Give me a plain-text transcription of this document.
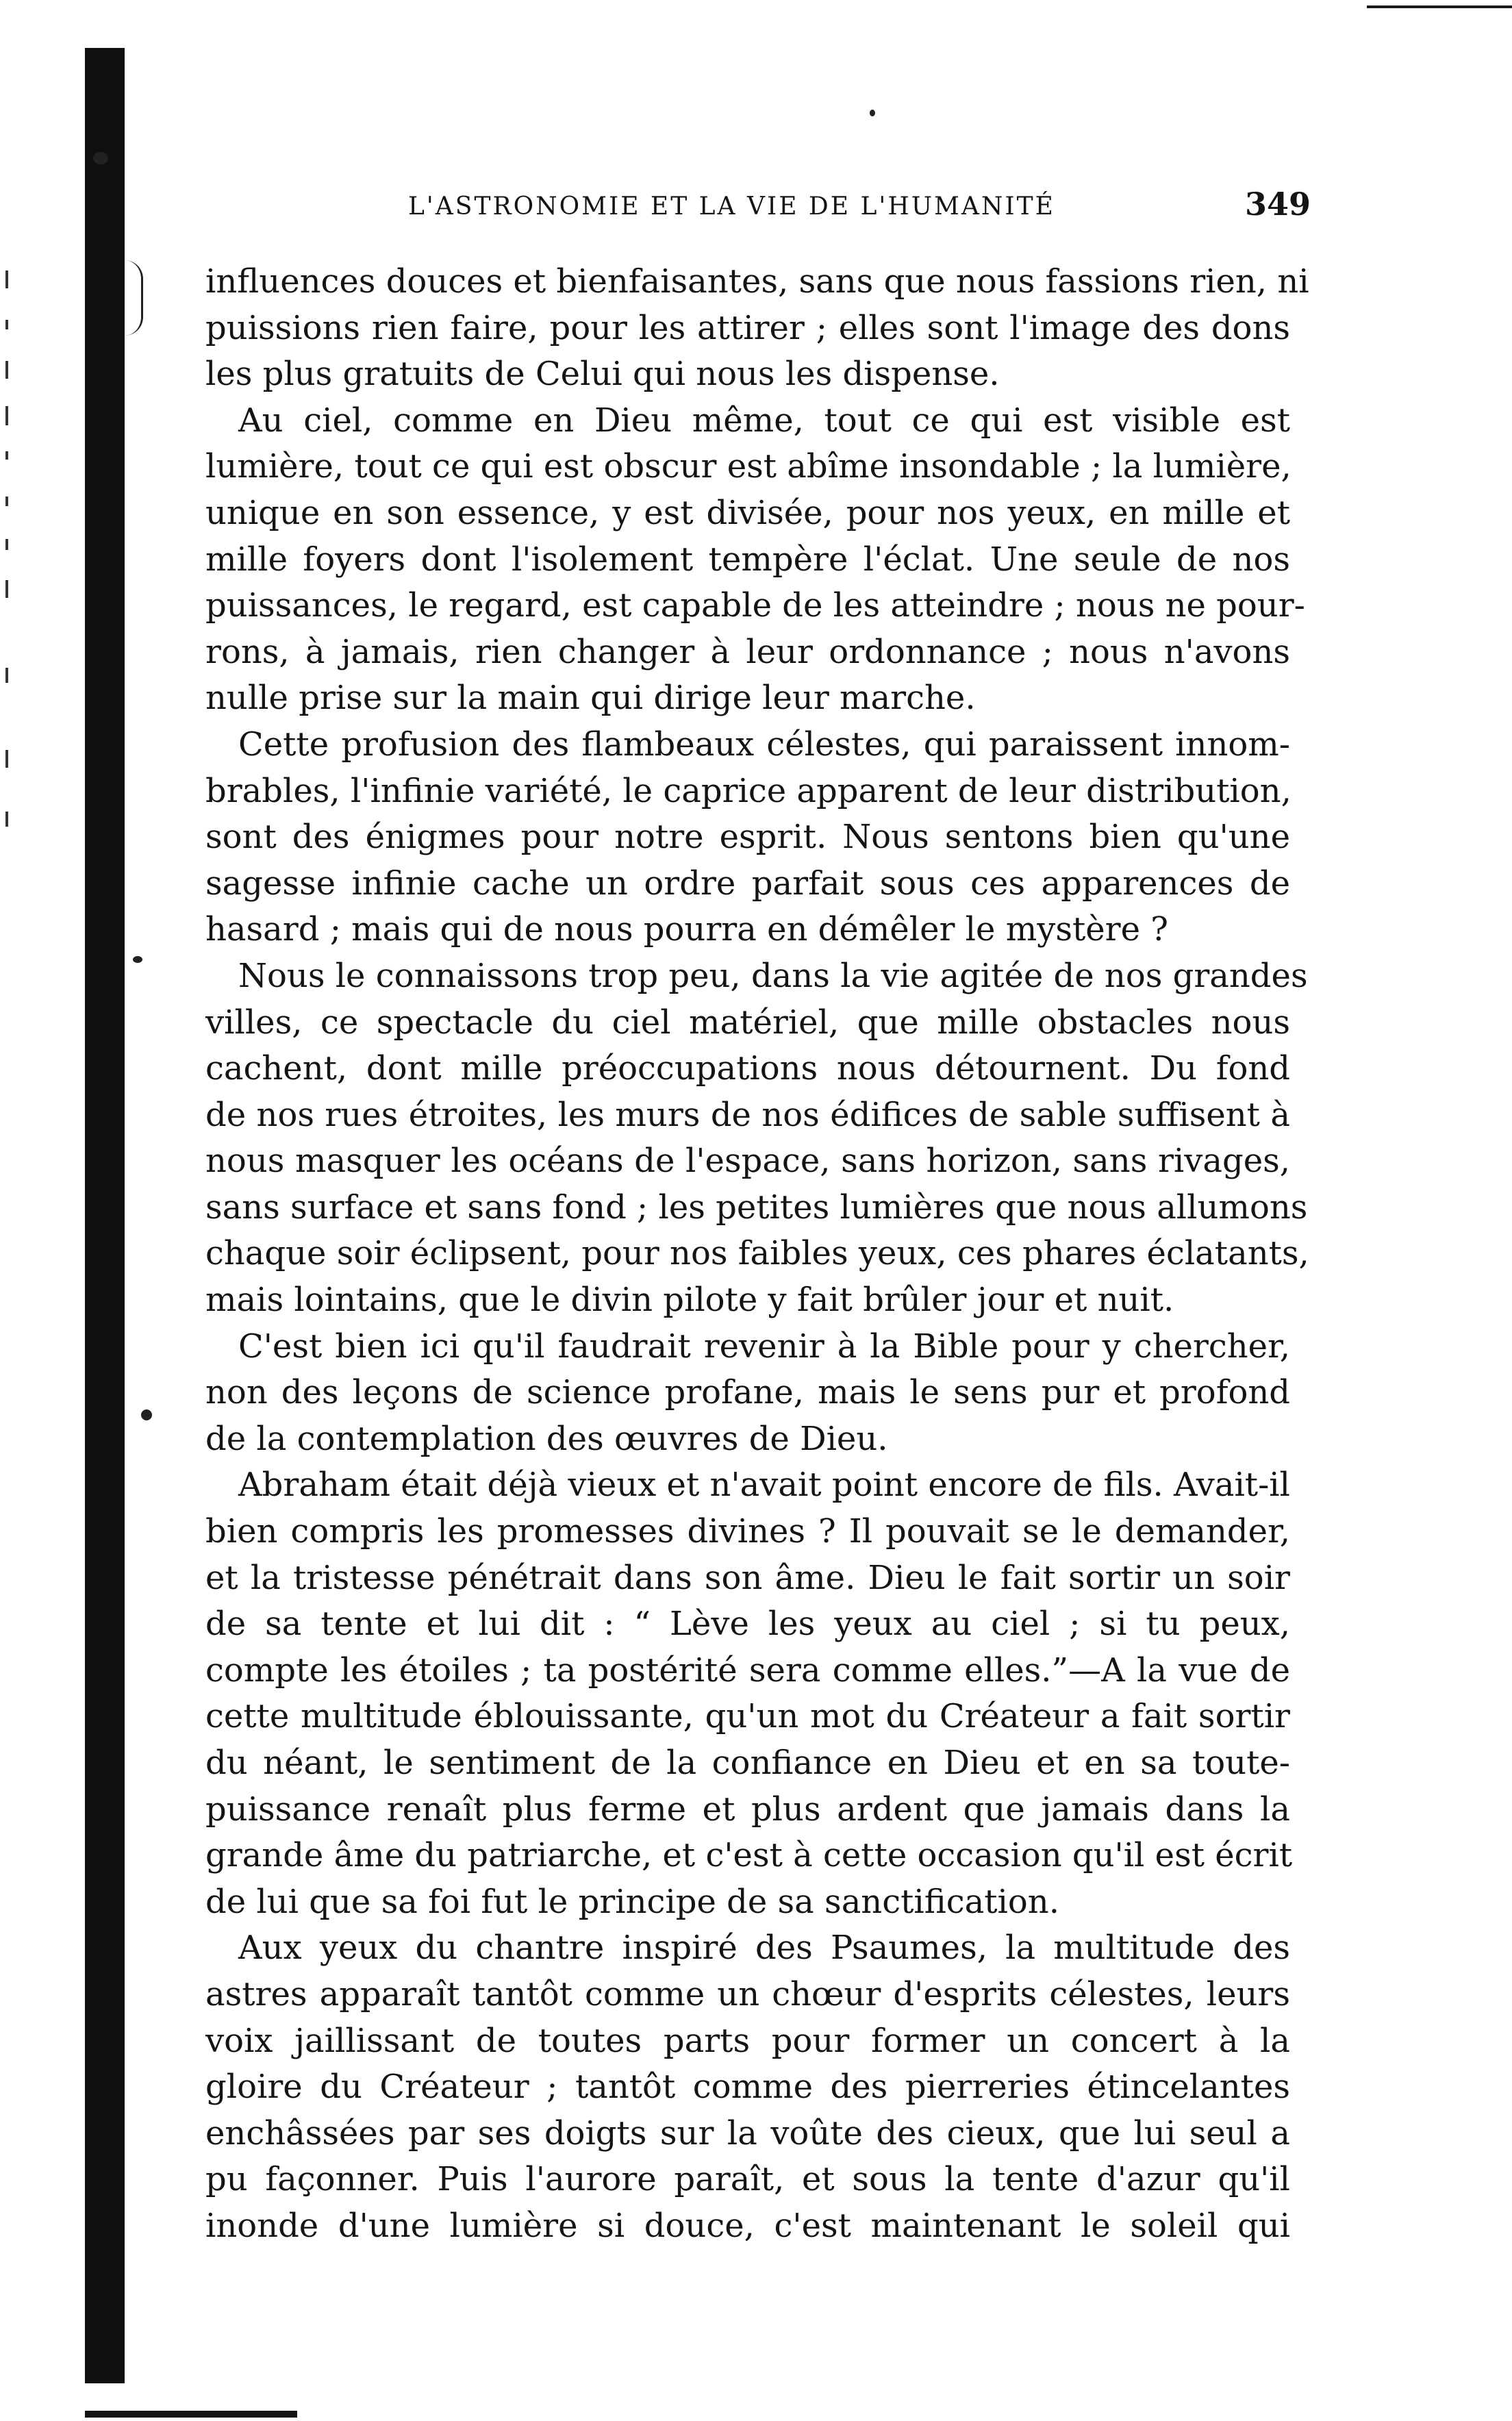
L'ASTRONOMIE ET LA VIE DE L'HUMANITÉ	349
influences douces et bienfaisantes, sans que nous fassions rien, ni
puissions rien faire, pour les attirer ; elles sont l'image des dons
les plus gratuits de Celui qui nous les dispense.
Au ciel, comme en Dieu même, tout ce qui est visible est
lumière, tout ce qui est obscur est abîme insondable ; la lumière,
unique en son essence, y est divisée, pour nos yeux, en mille et
mille foyers dont l'isolement tempère l'éclat. Une seule de nos
puissances, le regard, est capable de les atteindre ; nous ne pour-
rons, à jamais, rien changer à leur ordonnance ; nous n'avons
nulle prise sur la main qui dirige leur marche.
Cette profusion des flambeaux célestes, qui paraissent innom-
brables, l'infinie variété, le caprice apparent de leur distribution,
sont des énigmes pour notre esprit. Nous sentons bien qu'une
sagesse infinie cache un ordre parfait sous ces apparences de
hasard ; mais qui de nous pourra en démêler le mystère ?
Nous le connaissons trop peu, dans la vie agitée de nos grandes
villes, ce spectacle du ciel matériel, que mille obstacles nous
cachent, dont mille préoccupations nous détournent. Du fond
de nos rues étroites, les murs de nos édifices de sable suffisent à
nous masquer les océans de l'espace, sans horizon, sans rivages,
sans surface et sans fond ; les petites lumières que nous allumons
chaque soir éclipsent, pour nos faibles yeux, ces phares éclatants,
mais lointains, que le divin pilote y fait brûler jour et nuit.
C'est bien ici qu'il faudrait revenir à la Bible pour y chercher,
non des leçons de science profane, mais le sens pur et profond
de la contemplation des œuvres de Dieu.
Abraham était déjà vieux et n'avait point encore de fils. Avait-il
bien compris les promesses divines ? Il pouvait se le demander,
et la tristesse pénétrait dans son âme. Dieu le fait sortir un soir
de sa tente et lui dit : “ Lève les yeux au ciel ; si tu peux,
compte les étoiles ; ta postérité sera comme elles.”—A la vue de
cette multitude éblouissante, qu'un mot du Créateur a fait sortir
du néant, le sentiment de la confiance en Dieu et en sa toute-
puissance renaît plus ferme et plus ardent que jamais dans la
grande âme du patriarche, et c'est à cette occasion qu'il est écrit
de lui que sa foi fut le principe de sa sanctification.
Aux yeux du chantre inspiré des Psaumes, la multitude des
astres apparaît tantôt comme un chœur d'esprits célestes, leurs
voix jaillissant de toutes parts pour former un concert à la
gloire du Créateur ; tantôt comme des pierreries étincelantes
enchâssées par ses doigts sur la voûte des cieux, que lui seul a
pu façonner. Puis l'aurore paraît, et sous la tente d'azur qu'il
inonde d'une lumière si douce, c'est maintenant le soleil qui
